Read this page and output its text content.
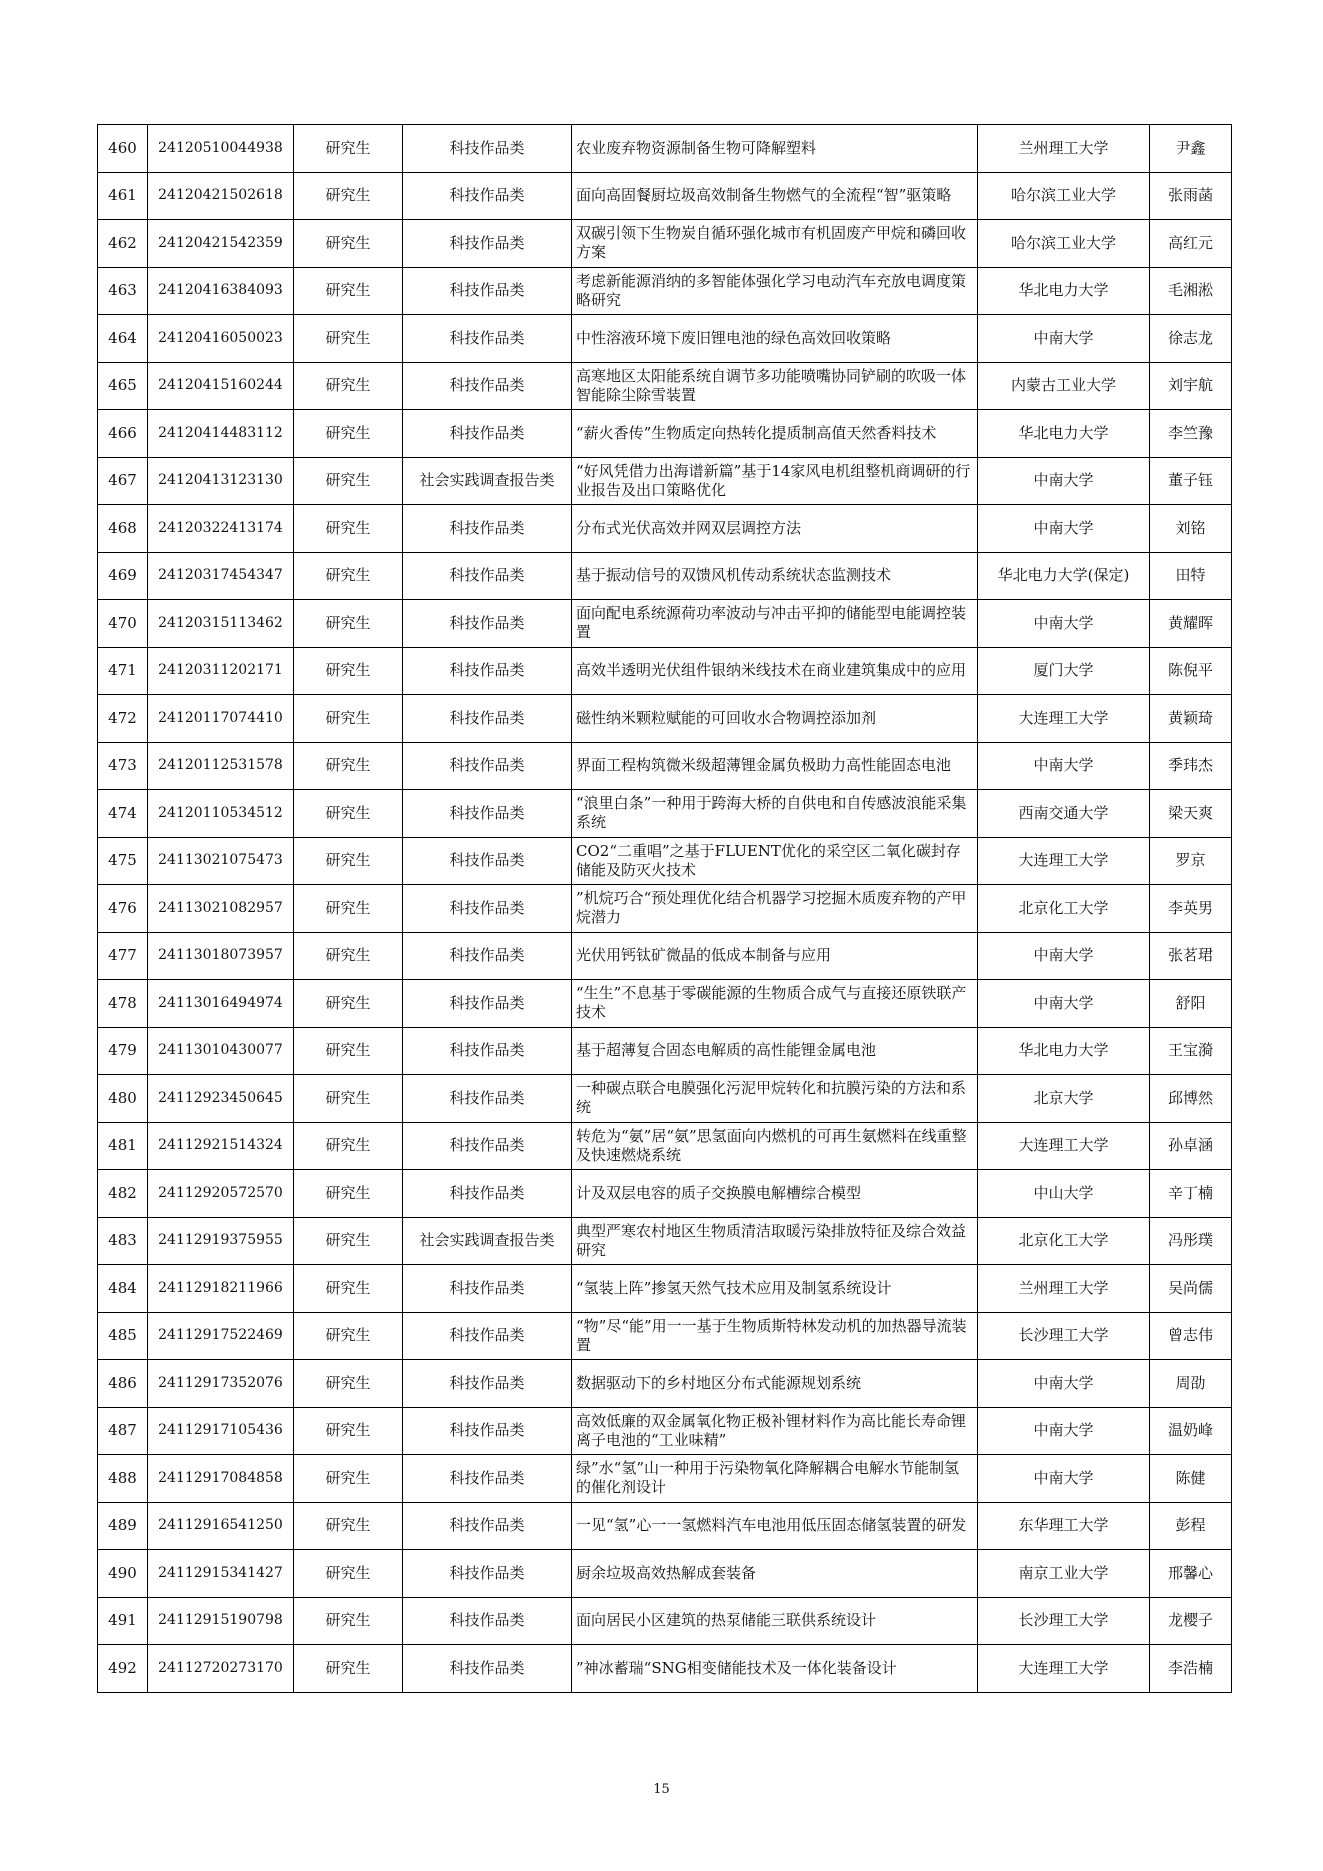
460	24120510044938	研究生	科技作品类	农业废弃物资源制备生物可降解塑料	兰州理工大学	尹鑫
461	24120421502618	研究生	科技作品类	面向高固餐厨垃圾高效制备生物燃气的全流程“智”驱策略	哈尔滨工业大学	张雨菡
462	24120421542359	研究生	科技作品类	双碳引领下生物炭自循环强化城市有机固废产甲烷和磷回收方案	哈尔滨工业大学	高红元
463	24120416384093	研究生	科技作品类	考虑新能源消纳的多智能体强化学习电动汽车充放电调度策略研究	华北电力大学	毛湘淞
464	24120416050023	研究生	科技作品类	中性溶液环境下废旧锂电池的绿色高效回收策略	中南大学	徐志龙
465	24120415160244	研究生	科技作品类	高寒地区太阳能系统自调节多功能喷嘴协同铲刷的吹吸一体智能除尘除雪装置	内蒙古工业大学	刘宇航
466	24120414483112	研究生	科技作品类	“薪火香传”生物质定向热转化提质制高值天然香料技术	华北电力大学	李竺豫
467	24120413123130	研究生	社会实践调查报告类	“好风凭借力出海谱新篇”基于14家风电机组整机商调研的行业报告及出口策略优化	中南大学	董子钰
468	24120322413174	研究生	科技作品类	分布式光伏高效并网双层调控方法	中南大学	刘铭
469	24120317454347	研究生	科技作品类	基于振动信号的双馈风机传动系统状态监测技术	华北电力大学(保定)	田特
470	24120315113462	研究生	科技作品类	面向配电系统源荷功率波动与冲击平抑的储能型电能调控装置	中南大学	黄耀晖
471	24120311202171	研究生	科技作品类	高效半透明光伏组件银纳米线技术在商业建筑集成中的应用	厦门大学	陈倪平
472	24120117074410	研究生	科技作品类	磁性纳米颗粒赋能的可回收水合物调控添加剂	大连理工大学	黄颖琦
473	24120112531578	研究生	科技作品类	界面工程构筑微米级超薄锂金属负极助力高性能固态电池	中南大学	季玮杰
474	24120110534512	研究生	科技作品类	“浪里白条”一种用于跨海大桥的自供电和自传感波浪能采集系统	西南交通大学	梁天爽
475	24113021075473	研究生	科技作品类	CO2“二重唱”之基于FLUENT优化的采空区二氧化碳封存储能及防灭火技术	大连理工大学	罗京
476	24113021082957	研究生	科技作品类	”机烷巧合“预处理优化结合机器学习挖掘木质废弃物的产甲烷潜力	北京化工大学	李英男
477	24113018073957	研究生	科技作品类	光伏用钙钛矿微晶的低成本制备与应用	中南大学	张茗珺
478	24113016494974	研究生	科技作品类	“生生”不息基于零碳能源的生物质合成气与直接还原铁联产技术	中南大学	舒阳
479	24113010430077	研究生	科技作品类	基于超薄复合固态电解质的高性能锂金属电池	华北电力大学	王宝漪
480	24112923450645	研究生	科技作品类	一种碳点联合电膜强化污泥甲烷转化和抗膜污染的方法和系统	北京大学	邱博然
481	24112921514324	研究生	科技作品类	转危为“氨”居“氨”思氢面向内燃机的可再生氨燃料在线重整及快速燃烧系统	大连理工大学	孙卓涵
482	24112920572570	研究生	科技作品类	计及双层电容的质子交换膜电解槽综合模型	中山大学	辛丁楠
483	24112919375955	研究生	社会实践调查报告类	典型严寒农村地区生物质清洁取暖污染排放特征及综合效益研究	北京化工大学	冯彤璞
484	24112918211966	研究生	科技作品类	“氢装上阵”掺氢天然气技术应用及制氢系统设计	兰州理工大学	吴尚儒
485	24112917522469	研究生	科技作品类	“物”尽“能”用一一基于生物质斯特林发动机的加热器导流装置	长沙理工大学	曾志伟
486	24112917352076	研究生	科技作品类	数据驱动下的乡村地区分布式能源规划系统	中南大学	周劭
487	24112917105436	研究生	科技作品类	高效低廉的双金属氧化物正极补锂材料作为高比能长寿命锂离子电池的“工业味精”	中南大学	温奶峰
488	24112917084858	研究生	科技作品类	绿”水“氢”山一种用于污染物氧化降解耦合电解水节能制氢的催化剂设计	中南大学	陈健
489	24112916541250	研究生	科技作品类	一见“氢”心一一氢燃料汽车电池用低压固态储氢装置的研发	东华理工大学	彭程
490	24112915341427	研究生	科技作品类	厨余垃圾高效热解成套装备	南京工业大学	邢馨心
491	24112915190798	研究生	科技作品类	面向居民小区建筑的热泵储能三联供系统设计	长沙理工大学	龙樱子
492	24112720273170	研究生	科技作品类	”神冰蓄瑞“SNG相变储能技术及一体化装备设计	大连理工大学	李浩楠
15
